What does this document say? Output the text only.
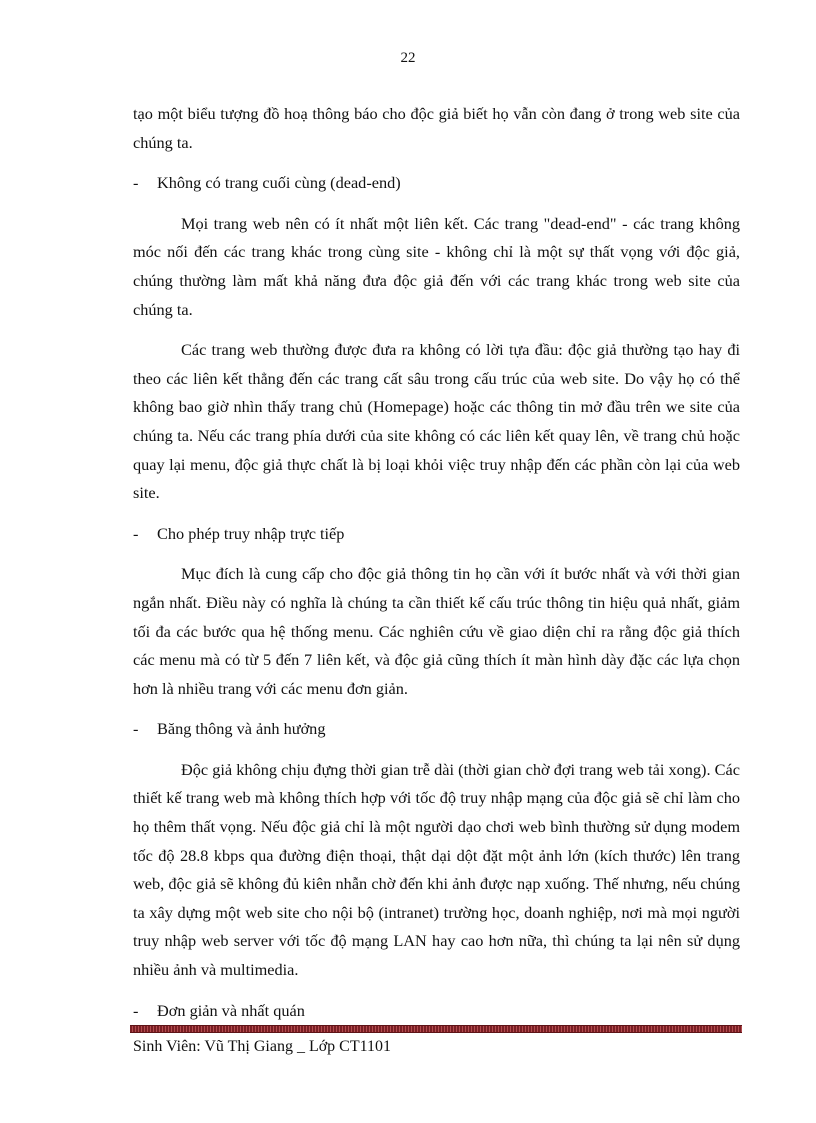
22

tạo một biểu tượng đồ hoạ thông báo cho độc giả biết họ vẫn còn đang ở trong web site của chúng ta.

-	Không có trang cuối cùng (dead-end)

Mọi trang web nên có ít nhất một liên kết. Các trang "dead-end" - các trang không móc nối đến các trang khác trong cùng site - không chỉ là một sự thất vọng với độc giả, chúng thường làm mất khả năng đưa độc giả đến với các trang khác trong web site của chúng ta.

Các trang web thường được đưa ra không có lời tựa đầu: độc giả thường tạo hay đi theo các liên kết thẳng đến các trang cất sâu trong cấu trúc của web site. Do vậy họ có thể không bao giờ nhìn thấy trang chủ (Homepage) hoặc các thông tin mở đầu trên we site của chúng ta. Nếu các trang phía dưới của site không có các liên kết quay lên, về trang chủ hoặc quay lại menu, độc giả thực chất là bị loại khỏi việc truy nhập đến các phần còn lại của web site.

-	Cho phép truy nhập trực tiếp

Mục đích là cung cấp cho độc giả thông tin họ cần với ít bước nhất và với thời gian ngắn nhất. Điều này có nghĩa là chúng ta cần thiết kế cấu trúc thông tin hiệu quả nhất, giảm tối đa các bước qua hệ thống menu. Các nghiên cứu về giao diện chỉ ra rằng độc giả thích các menu mà có từ 5 đến 7 liên kết, và độc giả cũng thích ít màn hình dày đặc các lựa chọn hơn là nhiều trang với các menu đơn giản.

-	Băng thông và ảnh hưởng

Độc giả không chịu đựng thời gian trễ dài (thời gian chờ đợi trang web tải xong). Các thiết kế trang web mà không thích hợp với tốc độ truy nhập mạng của độc giả sẽ chỉ làm cho họ thêm thất vọng. Nếu độc giả chỉ là một người dạo chơi web bình thường sử dụng modem tốc độ 28.8 kbps qua đường điện thoại, thật dại dột đặt một ảnh lớn (kích thước) lên trang web, độc giả sẽ không đủ kiên nhẫn chờ đến khi ảnh được nạp xuống. Thế nhưng, nếu chúng ta xây dựng một web site cho nội bộ (intranet) trường học, doanh nghiệp, nơi mà mọi người truy nhập web server với tốc độ mạng LAN hay cao hơn nữa, thì chúng ta lại nên sử dụng nhiều ảnh và multimedia.

-	Đơn giản và nhất quán
Sinh Viên: Vũ Thị Giang _ Lớp CT1101
